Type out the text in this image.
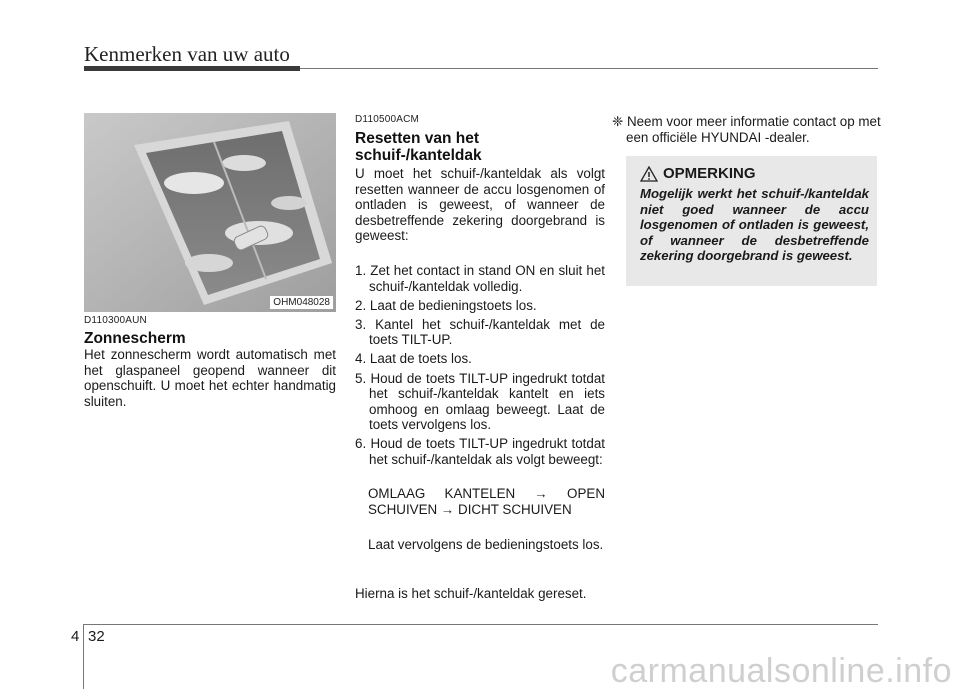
Kenmerken van uw auto
OHM048028
D110300AUN
Zonnescherm
Het zonnescherm wordt automatisch met het glaspaneel geopend wanneer dit openschuift. U moet het echter handmatig sluiten.
D110500ACM
Resetten van het schuif-/kanteldak
U moet het schuif-/kanteldak als volgt resetten wanneer de accu losgenomen of ontladen is geweest, of wanneer de desbetreffende zekering doorgebrand is geweest:
1. Zet het contact in stand ON en sluit het schuif-/kanteldak volledig.
2. Laat de bedieningstoets los.
3. Kantel het schuif-/kanteldak met de toets TILT-UP.
4. Laat de toets los.
5. Houd de toets TILT-UP ingedrukt totdat het schuif-/kanteldak kantelt en iets omhoog en omlaag beweegt. Laat de toets vervolgens los.
6. Houd de toets TILT-UP ingedrukt totdat het schuif-/kanteldak als volgt beweegt:
OMLAAG KANTELEN → OPEN SCHUIVEN → DICHT SCHUIVEN
Laat vervolgens de bedieningstoets los.
Hierna is het schuif-/kanteldak gereset.
❈ Neem voor meer informatie contact op met een officiële HYUNDAI -dealer.
OPMERKING
Mogelijk werkt het schuif-/kanteldak niet goed wanneer de accu losgenomen of ontladen is geweest, of wanneer de desbetreffende zekering doorgebrand is geweest.
4 32
carmanualsonline.info
